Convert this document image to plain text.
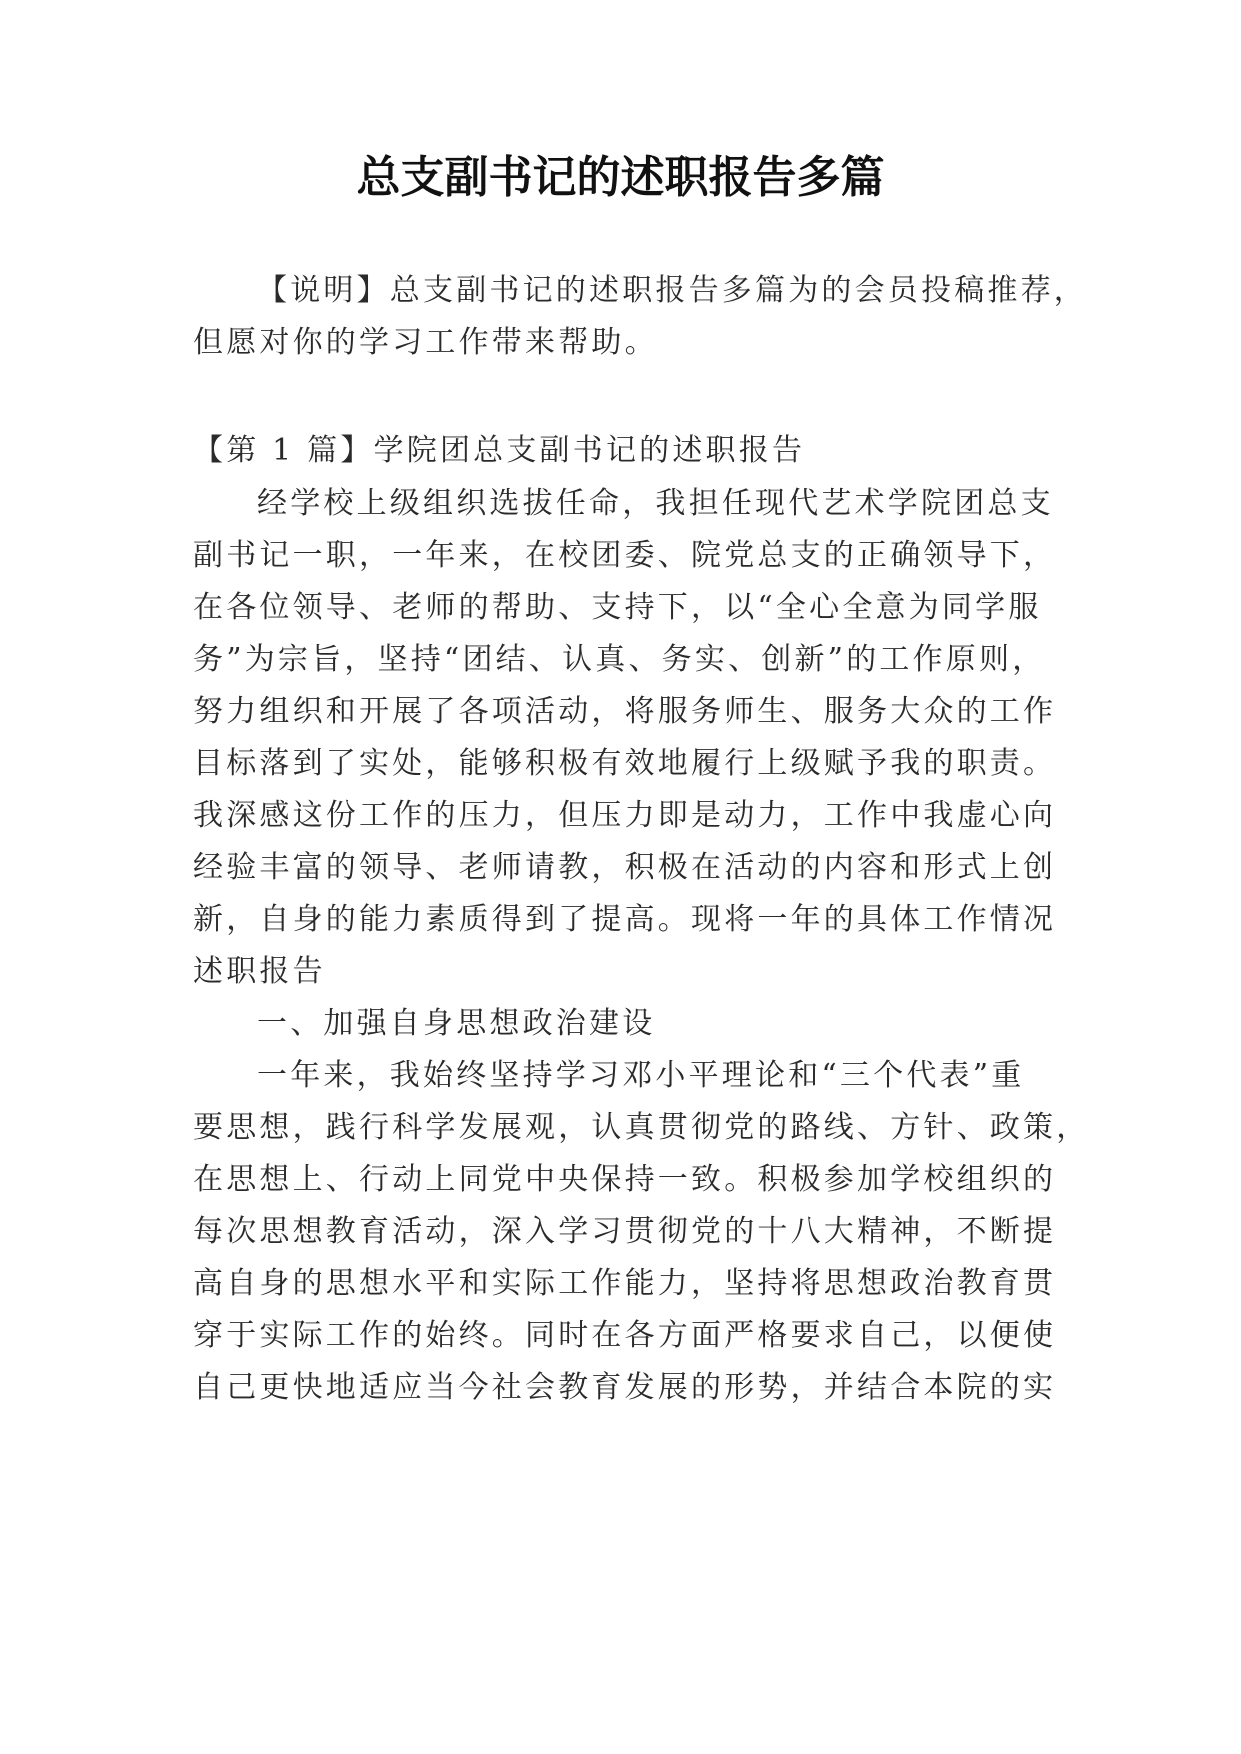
总支副书记的述职报告多篇
【说明】总支副书记的述职报告多篇为的会员投稿推荐，
但愿对你的学习工作带来帮助。
【第 1 篇】学院团总支副书记的述职报告
经学校上级组织选拔任命，我担任现代艺术学院团总支
副书记一职，一年来，在校团委、院党总支的正确领导下，
在各位领导、老师的帮助、支持下，以“全心全意为同学服
务”为宗旨，坚持“团结、认真、务实、创新”的工作原则，
努力组织和开展了各项活动，将服务师生、服务大众的工作
目标落到了实处，能够积极有效地履行上级赋予我的职责。
我深感这份工作的压力，但压力即是动力，工作中我虚心向
经验丰富的领导、老师请教，积极在活动的内容和形式上创
新，自身的能力素质得到了提高。现将一年的具体工作情况
述职报告
一、加强自身思想政治建设
一年来，我始终坚持学习邓小平理论和“三个代表”重
要思想，践行科学发展观，认真贯彻党的路线、方针、政策，
在思想上、行动上同党中央保持一致。积极参加学校组织的
每次思想教育活动，深入学习贯彻党的十八大精神，不断提
高自身的思想水平和实际工作能力，坚持将思想政治教育贯
穿于实际工作的始终。同时在各方面严格要求自己，以便使
自己更快地适应当今社会教育发展的形势，并结合本院的实
